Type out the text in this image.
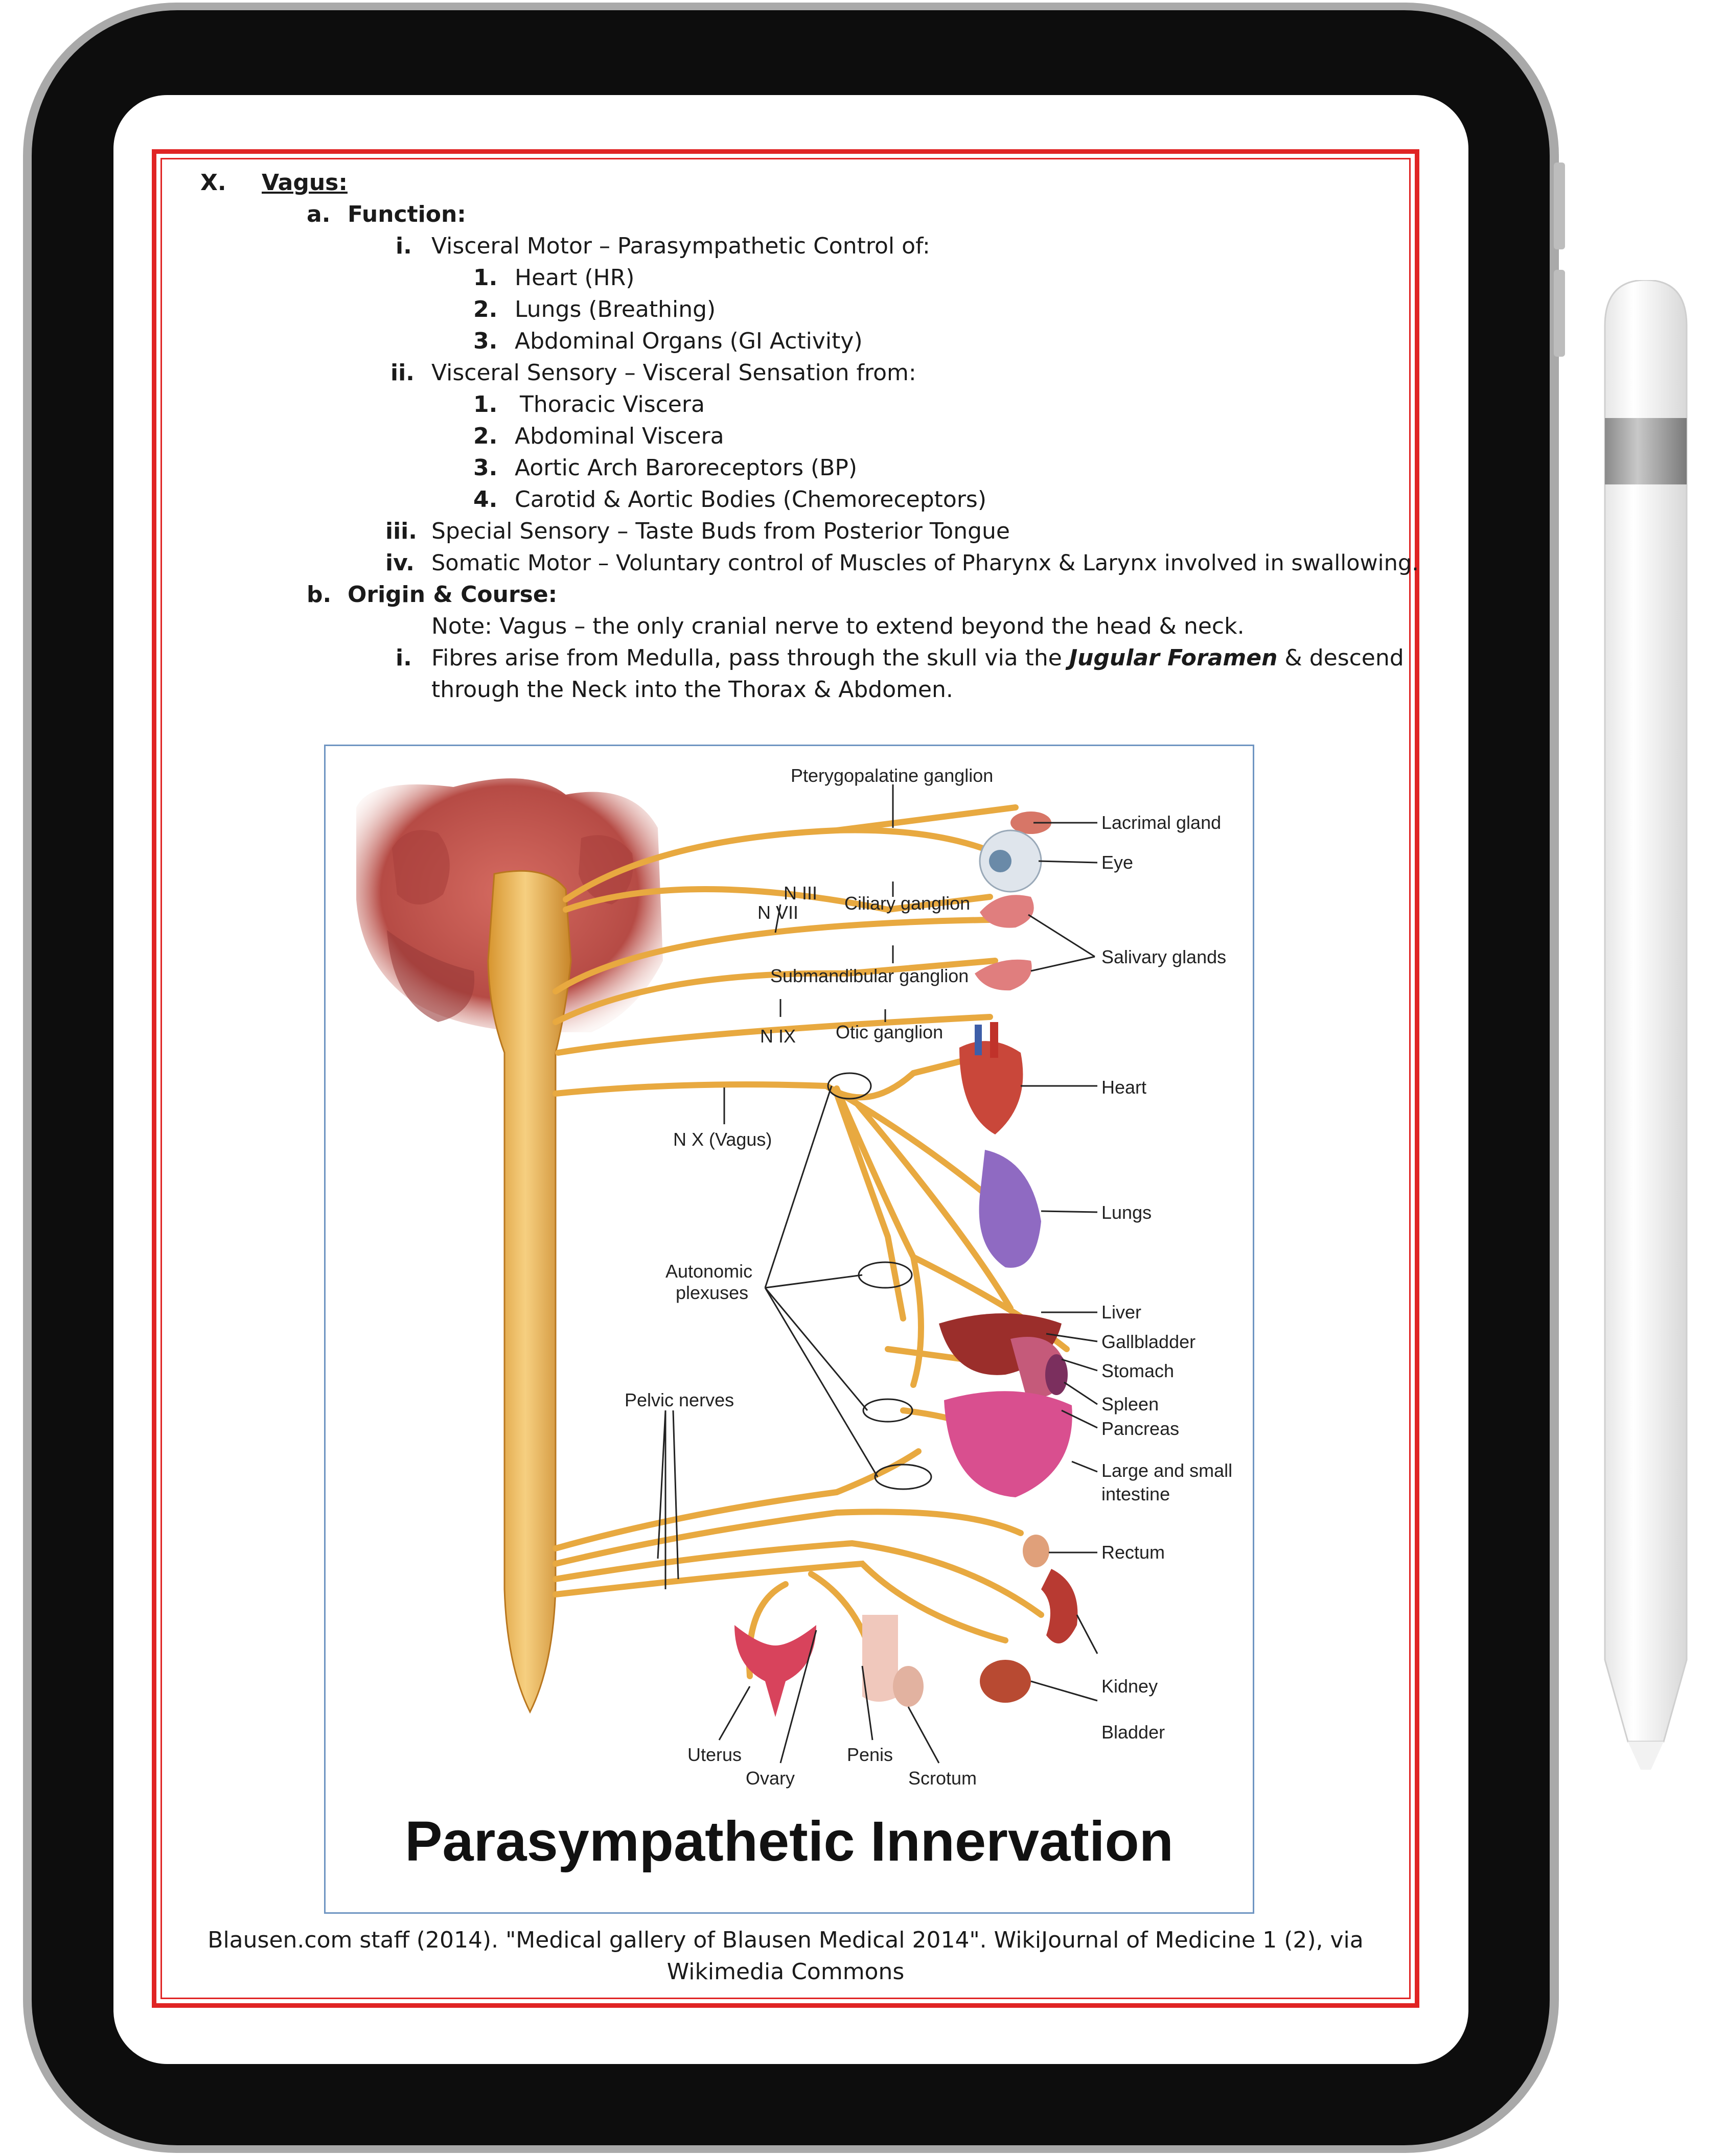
X. Vagus:
a. Function:
i. Visceral Motor – Parasympathetic Control of:
1. Heart (HR)
2. Lungs (Breathing)
3. Abdominal Organs (GI Activity)
ii. Visceral Sensory – Visceral Sensation from:
1. Thoracic Viscera
2. Abdominal Viscera
3. Aortic Arch Baroreceptors (BP)
4. Carotid & Aortic Bodies (Chemoreceptors)
iii. Special Sensory – Taste Buds from Posterior Tongue
iv. Somatic Motor – Voluntary control of Muscles of Pharynx & Larynx involved in swallowing.
b. Origin & Course:
Note: Vagus – the only cranial nerve to extend beyond the head & neck.
i. Fibres arise from Medulla, pass through the skull via the Jugular Foramen & descend
through the Neck into the Thorax & Abdomen.
Pterygopalatine ganglion
Lacrimal gland
Eye
N III
N VII Ciliary ganglion
Salivary glands
Submandibular ganglion
N IX Otic ganglion
Heart
N X (Vagus)
Lungs
Autonomic
plexuses
Liver
Gallbladder
Stomach
Spleen
Pelvic nerves
Pancreas
Large and small
intestine
Rectum
Kidney
Bladder
Uterus
Ovary
Penis
Scrotum
Parasympathetic Innervation
Blausen.com staff (2014). "Medical gallery of Blausen Medical 2014". WikiJournal of Medicine 1 (2), via Wikimedia Commons
